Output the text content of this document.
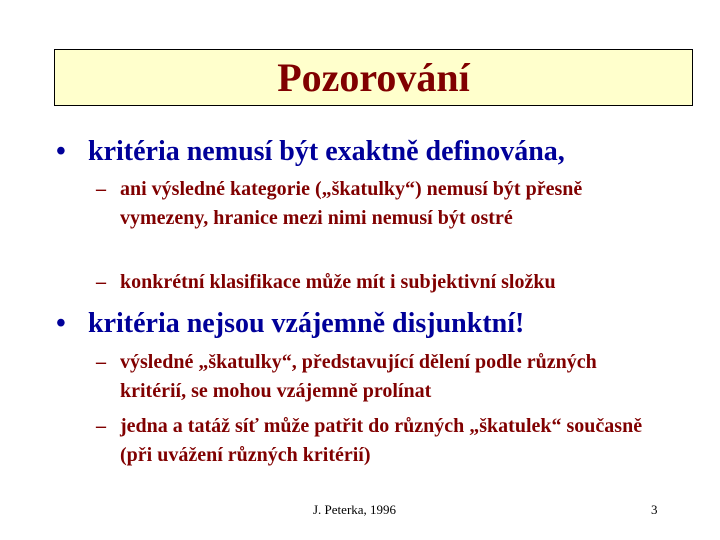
Pozorování
• kritéria nemusí být exaktně definována,
– ani výsledné kategorie („škatulky“) nemusí být přesně vymezeny, hranice mezi nimi nemusí být ostré
– konkrétní klasifikace může mít i subjektivní složku
• kritéria nejsou vzájemně disjunktní!
– výsledné „škatulky“, představující dělení podle různých kritérií, se mohou vzájemně prolínat
– jedna a tatáž síť může patřit do různých „škatulek“ současně (při uvážení různých kritérií)
J. Peterka, 1996	3
